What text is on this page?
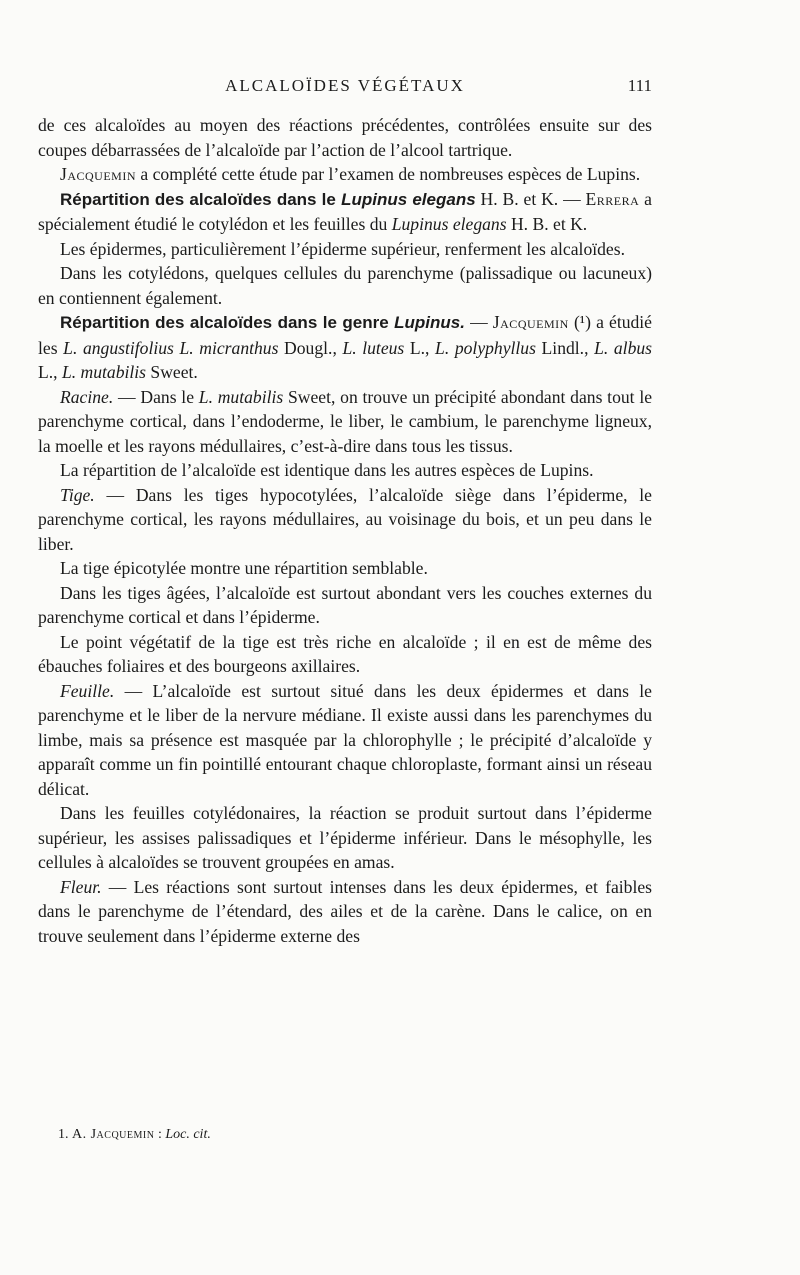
ALCALOÏDES VÉGÉTAUX	111

de ces alcaloïdes au moyen des réactions précédentes, contrôlées ensuite sur des coupes débarrassées de l’alcaloïde par l’action de l’alcool tartrique.

Jacquemin a complété cette étude par l’examen de nombreuses espèces de Lupins.

Répartition des alcaloïdes dans le Lupinus elegans H. B. et K. — Errera a spécialement étudié le cotylédon et les feuilles du Lupinus elegans H. B. et K.

Les épidermes, particulièrement l’épiderme supérieur, renferment les alcaloïdes.

Dans les cotylédons, quelques cellules du parenchyme (palissadique ou lacuneux) en contiennent également.

Répartition des alcaloïdes dans le genre Lupinus. — Jacquemin (¹) a étudié les L. angustifolius L. micranthus Dougl., L. luteus L., L. polyphyllus Lindl., L. albus L., L. mutabilis Sweet.

Racine. — Dans le L. mutabilis Sweet, on trouve un précipité abondant dans tout le parenchyme cortical, dans l’endoderme, le liber, le cambium, le parenchyme ligneux, la moelle et les rayons médullaires, c’est-à-dire dans tous les tissus.

La répartition de l’alcaloïde est identique dans les autres espèces de Lupins.

Tige. — Dans les tiges hypocotylées, l’alcaloïde siège dans l’épiderme, le parenchyme cortical, les rayons médullaires, au voisinage du bois, et un peu dans le liber.

La tige épicotylée montre une répartition semblable.

Dans les tiges âgées, l’alcaloïde est surtout abondant vers les couches externes du parenchyme cortical et dans l’épiderme.

Le point végétatif de la tige est très riche en alcaloïde ; il en est de même des ébauches foliaires et des bourgeons axillaires.

Feuille. — L’alcaloïde est surtout situé dans les deux épidermes et dans le parenchyme et le liber de la nervure médiane. Il existe aussi dans les parenchymes du limbe, mais sa présence est masquée par la chlorophylle ; le précipité d’alcaloïde y apparaît comme un fin pointillé entourant chaque chloroplaste, formant ainsi un réseau délicat.

Dans les feuilles cotylédonaires, la réaction se produit surtout dans l’épiderme supérieur, les assises palissadiques et l’épiderme inférieur. Dans le mésophylle, les cellules à alcaloïdes se trouvent groupées en amas.

Fleur. — Les réactions sont surtout intenses dans les deux épidermes, et faibles dans le parenchyme de l’étendard, des ailes et de la carène. Dans le calice, on en trouve seulement dans l’épiderme externe des

1. A. Jacquemin : Loc. cit.
